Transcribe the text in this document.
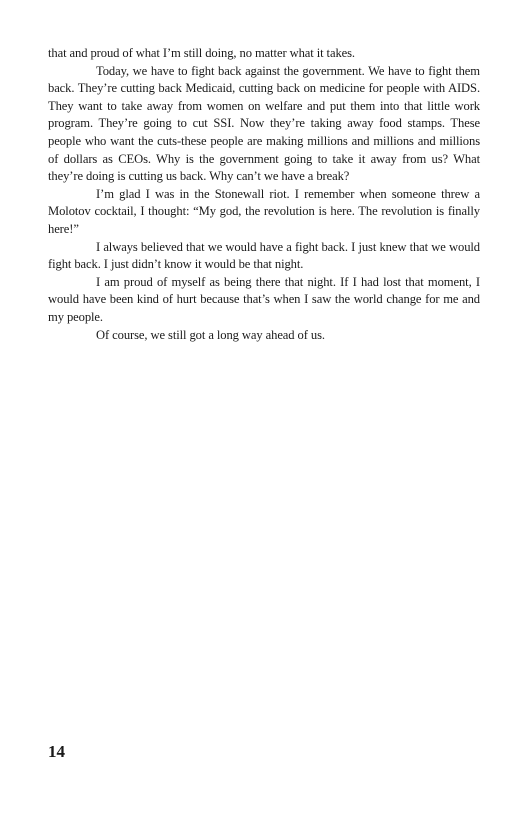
that and proud of what I’m still doing, no matter what it takes.

Today, we have to fight back against the government. We have to fight them back. They’re cutting back Medicaid, cutting back on medicine for people with AIDS. They want to take away from women on welfare and put them into that little work program. They’re going to cut SSI. Now they’re taking away food stamps. These people who want the cuts-these people are making millions and millions and millions of dollars as CEOs. Why is the government going to take it away from us? What they’re doing is cutting us back. Why can’t we have a break?

I’m glad I was in the Stonewall riot. I remember when someone threw a Molotov cocktail, I thought: “My god, the revolution is here. The revolution is finally here!”

I always believed that we would have a fight back. I just knew that we would fight back. I just didn’t know it would be that night.

I am proud of myself as being there that night. If I had lost that moment, I would have been kind of hurt because that’s when I saw the world change for me and my people.

Of course, we still got a long way ahead of us.

14
